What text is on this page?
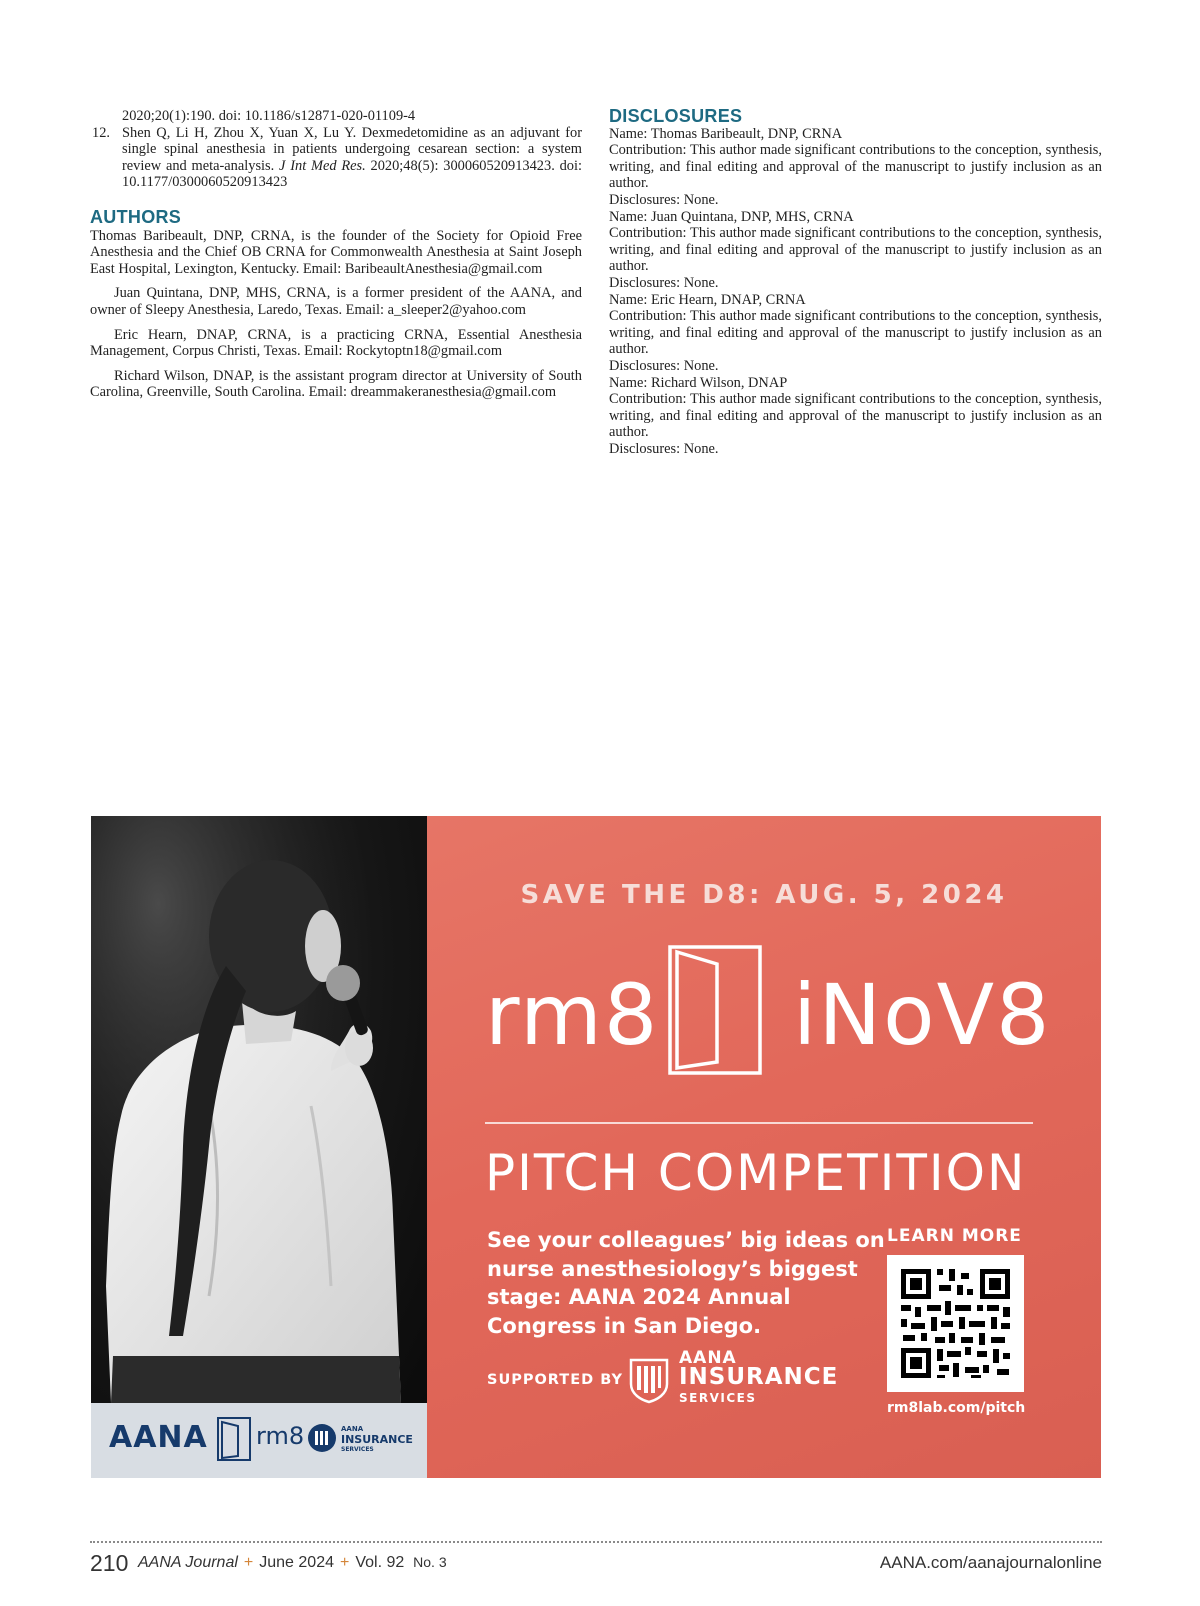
2020;20(1):190. doi: 10.1186/s12871-020-01109-4
12. Shen Q, Li H, Zhou X, Yuan X, Lu Y. Dexmedetomidine as an adjuvant for single spinal anesthesia in patients undergoing cesarean section: a system review and meta-analysis. J Int Med Res. 2020;48(5): 300060520913423. doi: 10.1177/0300060520913423
AUTHORS

Thomas Baribeault, DNP, CRNA, is the founder of the Society for Opioid Free Anesthesia and the Chief OB CRNA for Commonwealth Anesthesia at Saint Joseph East Hospital, Lexington, Kentucky. Email: BaribeaultAnesthesia@gmail.com

Juan Quintana, DNP, MHS, CRNA, is a former president of the AANA, and owner of Sleepy Anesthesia, Laredo, Texas. Email: a_sleeper2@yahoo.com

Eric Hearn, DNAP, CRNA, is a practicing CRNA, Essential Anesthesia Management, Corpus Christi, Texas. Email: Rockytoptn18@gmail.com

Richard Wilson, DNAP, is the assistant program director at University of South Carolina, Greenville, South Carolina. Email: dreammakeranesthesia@gmail.com

DISCLOSURES

Name: Thomas Baribeault, DNP, CRNA

Contribution: This author made significant contributions to the conception, synthesis, writing, and final editing and approval of the manuscript to justify inclusion as an author.

Disclosures: None.

Name: Juan Quintana, DNP, MHS, CRNA

Contribution: This author made significant contributions to the conception, synthesis, writing, and final editing and approval of the manuscript to justify inclusion as an author.

Disclosures: None.

Name: Eric Hearn, DNAP, CRNA

Contribution: This author made significant contributions to the conception, synthesis, writing, and final editing and approval of the manuscript to justify inclusion as an author.

Disclosures: None.

Name: Richard Wilson, DNAP

Contribution: This author made significant contributions to the conception, synthesis, writing, and final editing and approval of the manuscript to justify inclusion as an author.

Disclosures: None.

AANA rm8	AANA
INSURANCE
SERVICES
SAVE THE D8: AUG. 5, 2024
rm8 iNoV8
PITCH COMPETITION
See your colleagues’ big ideas on nurse anesthesiology’s biggest stage: AANA 2024 Annual Congress in San Diego.
LEARN MORE
rm8lab.com/pitch
SUPPORTED BY
AANA
INSURANCE
SERVICES
210 AANA Journal + June 2024 + Vol. 92 No. 3	AANA.com/aanajournalonline
